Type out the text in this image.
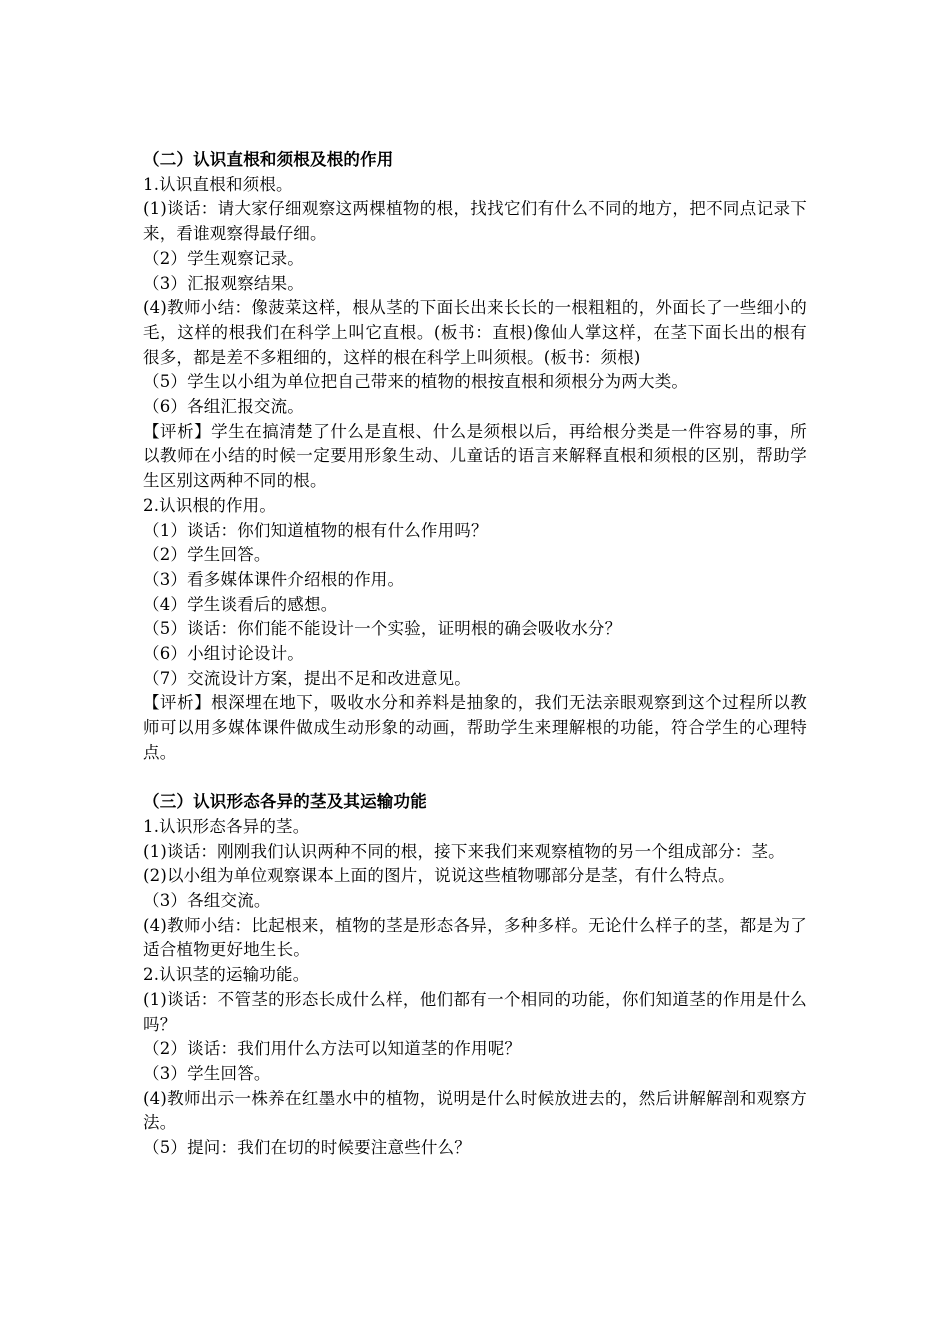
（二）认识直根和须根及根的作用
1.认识直根和须根。
(1)谈话：请大家仔细观察这两棵植物的根，找找它们有什么不同的地方，把不同点记录下来，看谁观察得最仔细。
（2）学生观察记录。
（3）汇报观察结果。
(4)教师小结：像菠菜这样，根从茎的下面长出来长长的一根粗粗的，外面长了一些细小的毛，这样的根我们在科学上叫它直根。(板书：直根)像仙人掌这样，在茎下面长出的根有很多，都是差不多粗细的，这样的根在科学上叫须根。(板书：须根)
（5）学生以小组为单位把自己带来的植物的根按直根和须根分为两大类。
（6）各组汇报交流。
【评析】学生在搞清楚了什么是直根、什么是须根以后，再给根分类是一件容易的事，所以教师在小结的时候一定要用形象生动、儿童话的语言来解释直根和须根的区别，帮助学生区别这两种不同的根。
2.认识根的作用。
（1）谈话：你们知道植物的根有什么作用吗？
（2）学生回答。
（3）看多媒体课件介绍根的作用。
（4）学生谈看后的感想。
（5）谈话：你们能不能设计一个实验，证明根的确会吸收水分？
（6）小组讨论设计。
（7）交流设计方案，提出不足和改进意见。
【评析】根深埋在地下，吸收水分和养料是抽象的，我们无法亲眼观察到这个过程所以教师可以用多媒体课件做成生动形象的动画，帮助学生来理解根的功能，符合学生的心理特点。
（三）认识形态各异的茎及其运输功能
1.认识形态各异的茎。
(1)谈话：刚刚我们认识两种不同的根，接下来我们来观察植物的另一个组成部分：茎。
(2)以小组为单位观察课本上面的图片，说说这些植物哪部分是茎，有什么特点。
（3）各组交流。
(4)教师小结：比起根来，植物的茎是形态各异，多种多样。无论什么样子的茎，都是为了适合植物更好地生长。
2.认识茎的运输功能。
(1)谈话：不管茎的形态长成什么样，他们都有一个相同的功能，你们知道茎的作用是什么吗？
（2）谈话：我们用什么方法可以知道茎的作用呢？
（3）学生回答。
(4)教师出示一株养在红墨水中的植物，说明是什么时候放进去的，然后讲解解剖和观察方法。
（5）提问：我们在切的时候要注意些什么？
